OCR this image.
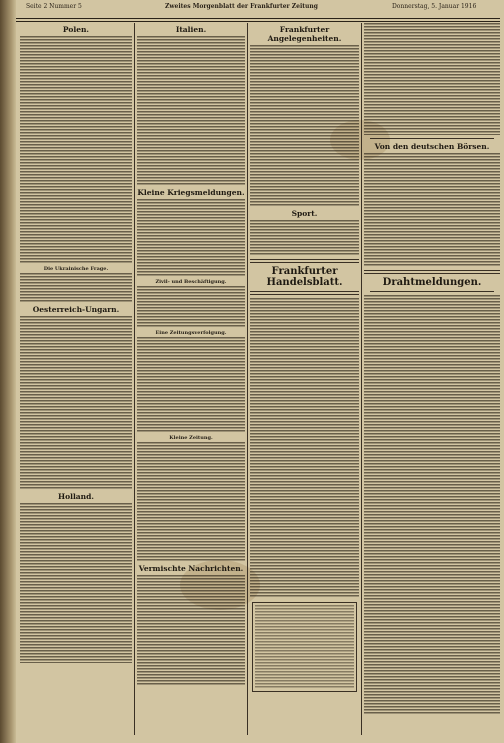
Seite 2 Nummer 5	Zweites Morgenblatt der Frankfurter Zeitung	Donnerstag, 5. Januar 1916
Polen.
Die Ukrainische Frage.
Oesterreich-Ungarn.
Holland.
Italien.
Kleine Kriegsmeldungen.
Zivil- und Beschäftigung.
Eine Zeitungsverfolgung.
Kleine Zeitung.
Vermischte Nachrichten.
Frankfurter Angelegenheiten.
Sport.
Frankfurter Handelsblatt.
Von den deutschen Börsen.
Drahtmeldungen.
